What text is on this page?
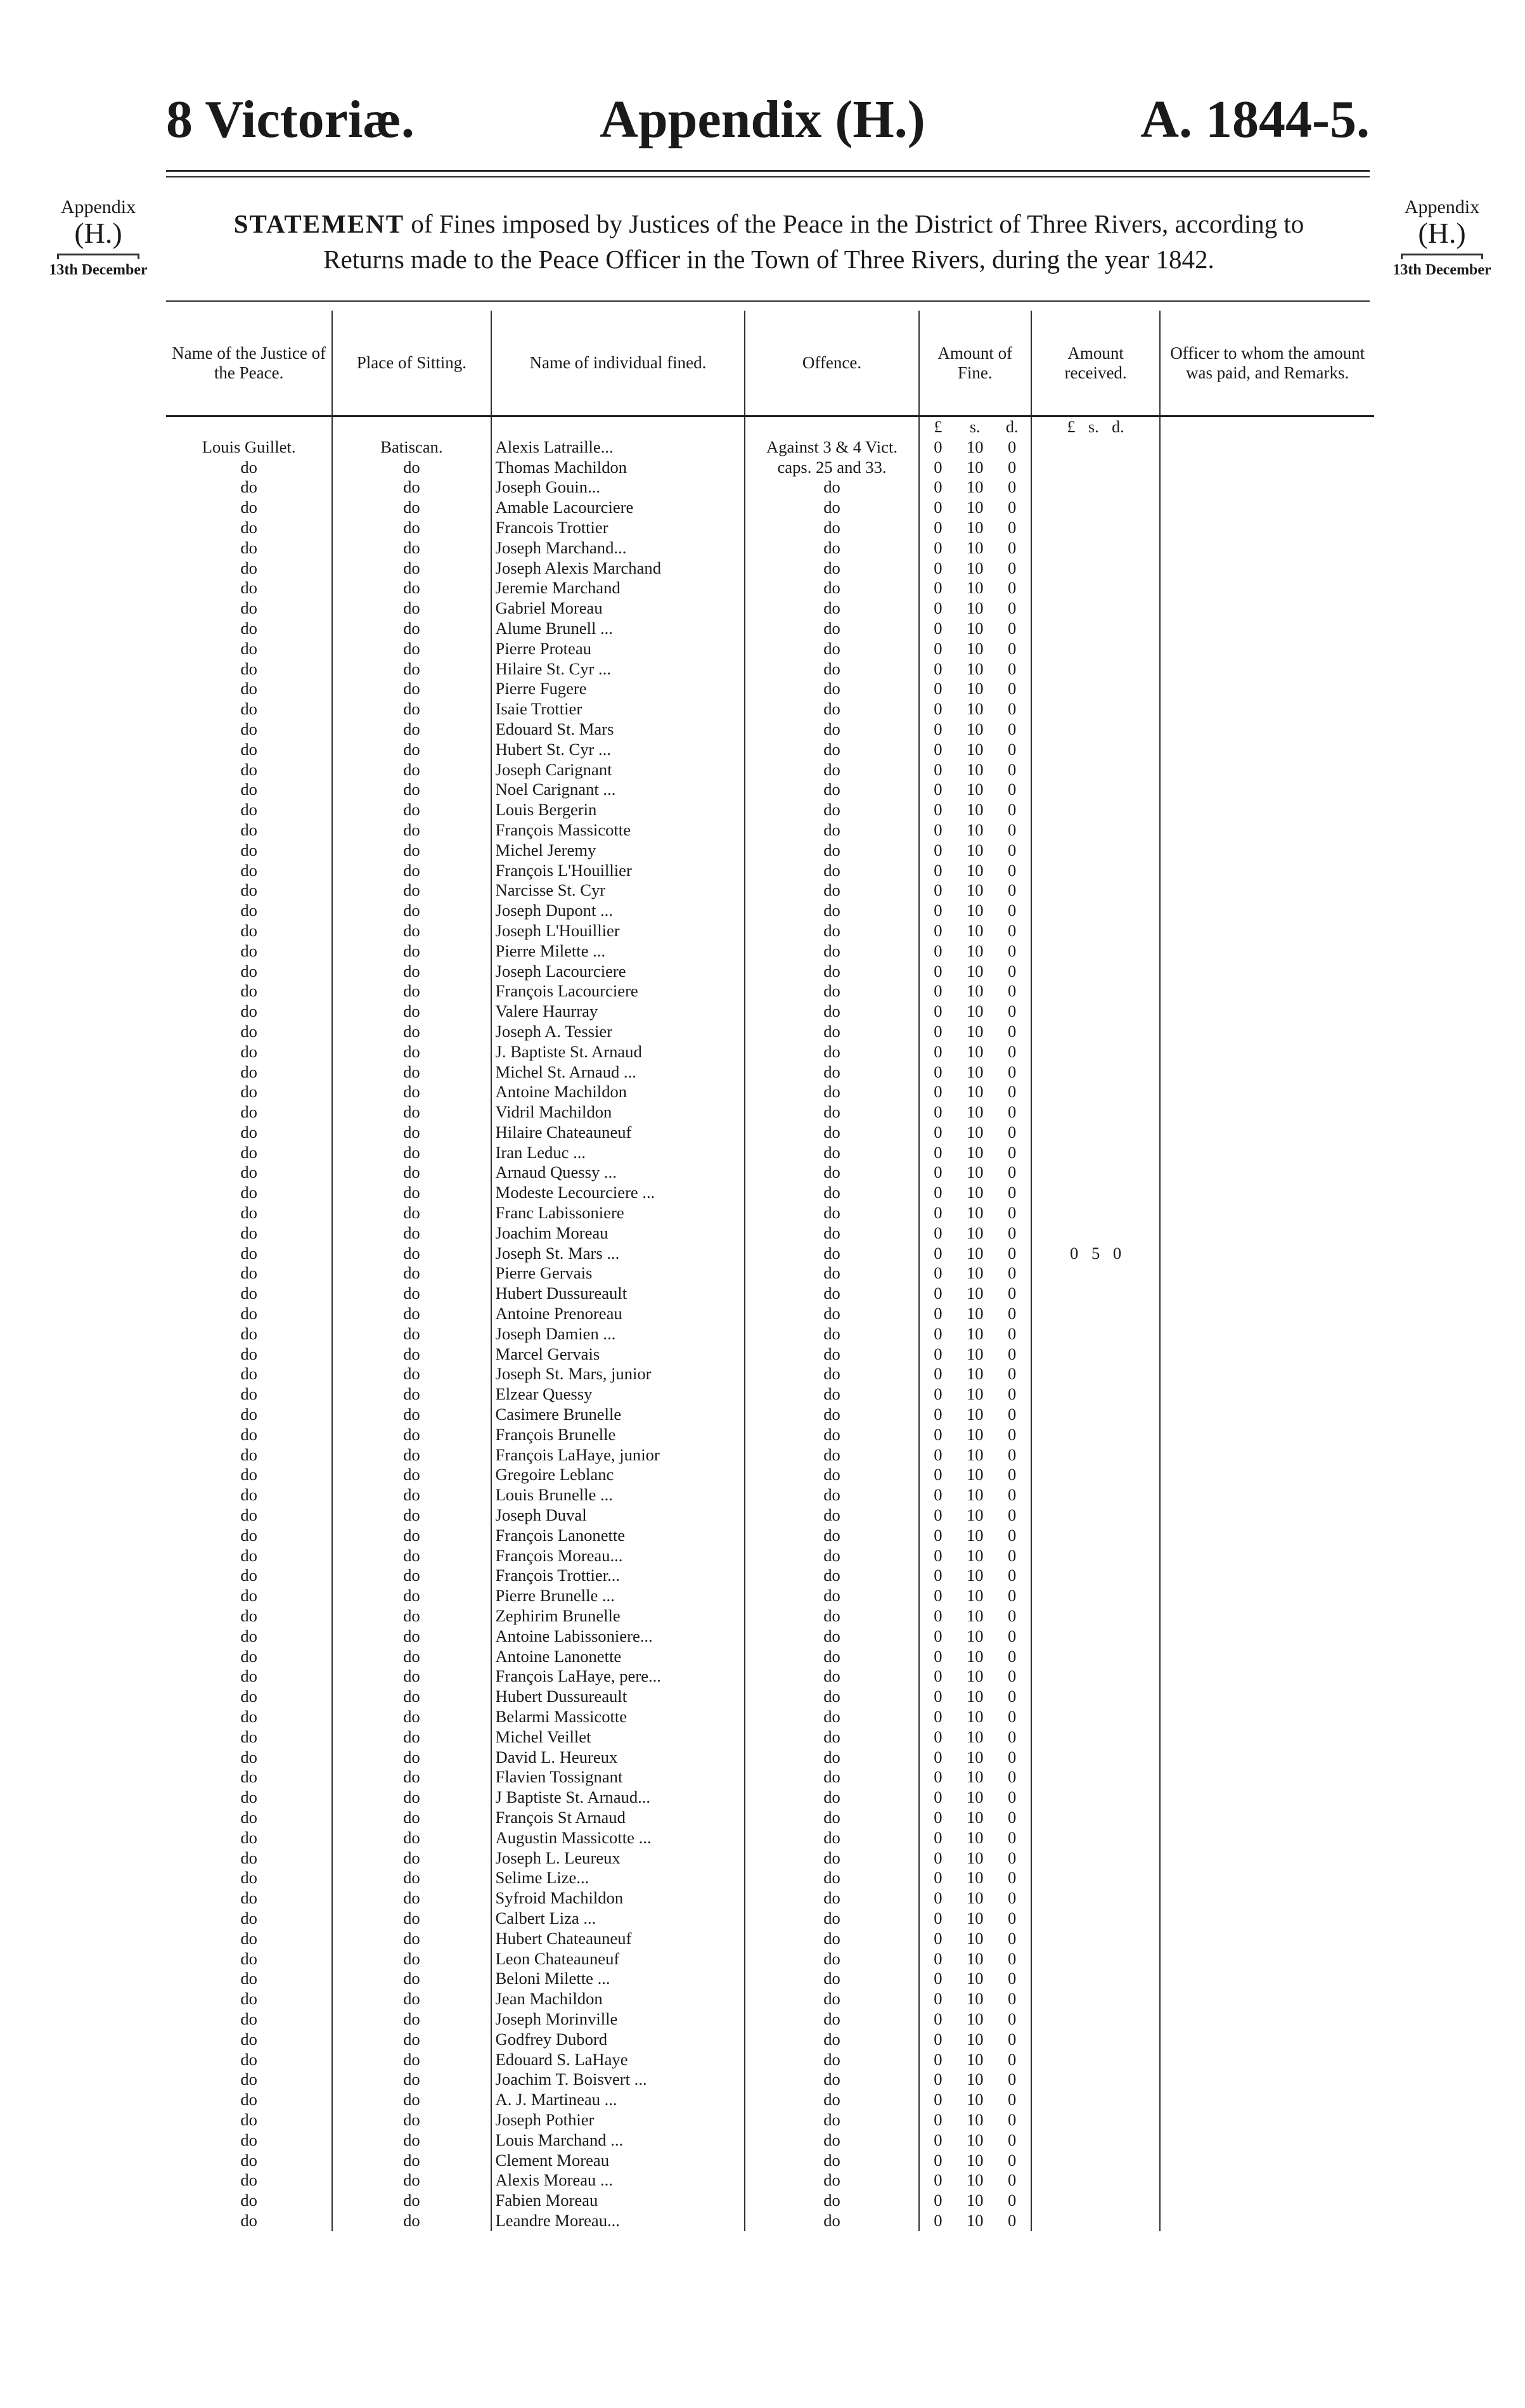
8 Victoriæ.	Appendix (H.)	A. 1844-5.
Appendix
(H.)
13th December
Appendix
(H.)
13th December
STATEMENT of Fines imposed by Justices of the Peace in the District of Three Rivers, according to
Returns made to the Peace Officer in the Town of Three Rivers, during the year 1842.
Name of the Justice of the Peace.	Place of Sitting.	Name of individual fined.	Offence.	Amount of Fine.			Amount received.	Officer to whom the amount was paid, and Remarks.
				£	s.	d.	£ s. d.	
Louis Guillet.	Batiscan.	Alexis Latraille...	Against 3 & 4 Vict.	0	10	0		
do	do	Thomas Machildon	caps. 25 and 33.	0	10	0		
do	do	Joseph Gouin...	do	0	10	0		
do	do	Amable Lacourciere	do	0	10	0		
do	do	Francois Trottier	do	0	10	0		
do	do	Joseph Marchand...	do	0	10	0		
do	do	Joseph Alexis Marchand	do	0	10	0		
do	do	Jeremie Marchand	do	0	10	0		
do	do	Gabriel Moreau	do	0	10	0		
do	do	Alume Brunell ...	do	0	10	0		
do	do	Pierre Proteau	do	0	10	0		
do	do	Hilaire St. Cyr ...	do	0	10	0		
do	do	Pierre Fugere	do	0	10	0		
do	do	Isaie Trottier	do	0	10	0		
do	do	Edouard St. Mars	do	0	10	0		
do	do	Hubert St. Cyr ...	do	0	10	0		
do	do	Joseph Carignant	do	0	10	0		
do	do	Noel Carignant ...	do	0	10	0		
do	do	Louis Bergerin	do	0	10	0		
do	do	François Massicotte	do	0	10	0		
do	do	Michel Jeremy	do	0	10	0		
do	do	François L'Houillier	do	0	10	0		
do	do	Narcisse St. Cyr	do	0	10	0		
do	do	Joseph Dupont ...	do	0	10	0		
do	do	Joseph L'Houillier	do	0	10	0		
do	do	Pierre Milette ...	do	0	10	0		
do	do	Joseph Lacourciere	do	0	10	0		
do	do	François Lacourciere	do	0	10	0		
do	do	Valere Haurray	do	0	10	0		
do	do	Joseph A. Tessier	do	0	10	0		
do	do	J. Baptiste St. Arnaud	do	0	10	0		
do	do	Michel St. Arnaud ...	do	0	10	0		
do	do	Antoine Machildon	do	0	10	0		
do	do	Vidril Machildon	do	0	10	0		
do	do	Hilaire Chateauneuf	do	0	10	0		
do	do	Iran Leduc ...	do	0	10	0		
do	do	Arnaud Quessy ...	do	0	10	0		
do	do	Modeste Lecourciere ...	do	0	10	0		
do	do	Franc Labissoniere	do	0	10	0		
do	do	Joachim Moreau	do	0	10	0		
do	do	Joseph St. Mars ...	do	0	10	0	0 5 0	
do	do	Pierre Gervais	do	0	10	0		
do	do	Hubert Dussureault	do	0	10	0		
do	do	Antoine Prenoreau	do	0	10	0		
do	do	Joseph Damien ...	do	0	10	0		
do	do	Marcel Gervais	do	0	10	0		
do	do	Joseph St. Mars, junior	do	0	10	0		
do	do	Elzear Quessy	do	0	10	0		
do	do	Casimere Brunelle	do	0	10	0		
do	do	François Brunelle	do	0	10	0		
do	do	François LaHaye, junior	do	0	10	0		
do	do	Gregoire Leblanc	do	0	10	0		
do	do	Louis Brunelle ...	do	0	10	0		
do	do	Joseph Duval	do	0	10	0		
do	do	François Lanonette	do	0	10	0		
do	do	François Moreau...	do	0	10	0		
do	do	François Trottier...	do	0	10	0		
do	do	Pierre Brunelle ...	do	0	10	0		
do	do	Zephirim Brunelle	do	0	10	0		
do	do	Antoine Labissoniere...	do	0	10	0		
do	do	Antoine Lanonette	do	0	10	0		
do	do	François LaHaye, pere...	do	0	10	0		
do	do	Hubert Dussureault	do	0	10	0		
do	do	Belarmi Massicotte	do	0	10	0		
do	do	Michel Veillet	do	0	10	0		
do	do	David L. Heureux	do	0	10	0		
do	do	Flavien Tossignant	do	0	10	0		
do	do	J Baptiste St. Arnaud...	do	0	10	0		
do	do	François St Arnaud	do	0	10	0		
do	do	Augustin Massicotte ...	do	0	10	0		
do	do	Joseph L. Leureux	do	0	10	0		
do	do	Selime Lize...	do	0	10	0		
do	do	Syfroid Machildon	do	0	10	0		
do	do	Calbert Liza ...	do	0	10	0		
do	do	Hubert Chateauneuf	do	0	10	0		
do	do	Leon Chateauneuf	do	0	10	0		
do	do	Beloni Milette ...	do	0	10	0		
do	do	Jean Machildon	do	0	10	0		
do	do	Joseph Morinville	do	0	10	0		
do	do	Godfrey Dubord	do	0	10	0		
do	do	Edouard S. LaHaye	do	0	10	0		
do	do	Joachim T. Boisvert ...	do	0	10	0		
do	do	A. J. Martineau ...	do	0	10	0		
do	do	Joseph Pothier	do	0	10	0		
do	do	Louis Marchand ...	do	0	10	0		
do	do	Clement Moreau	do	0	10	0		
do	do	Alexis Moreau ...	do	0	10	0		
do	do	Fabien Moreau	do	0	10	0		
do	do	Leandre Moreau...	do	0	10	0		
